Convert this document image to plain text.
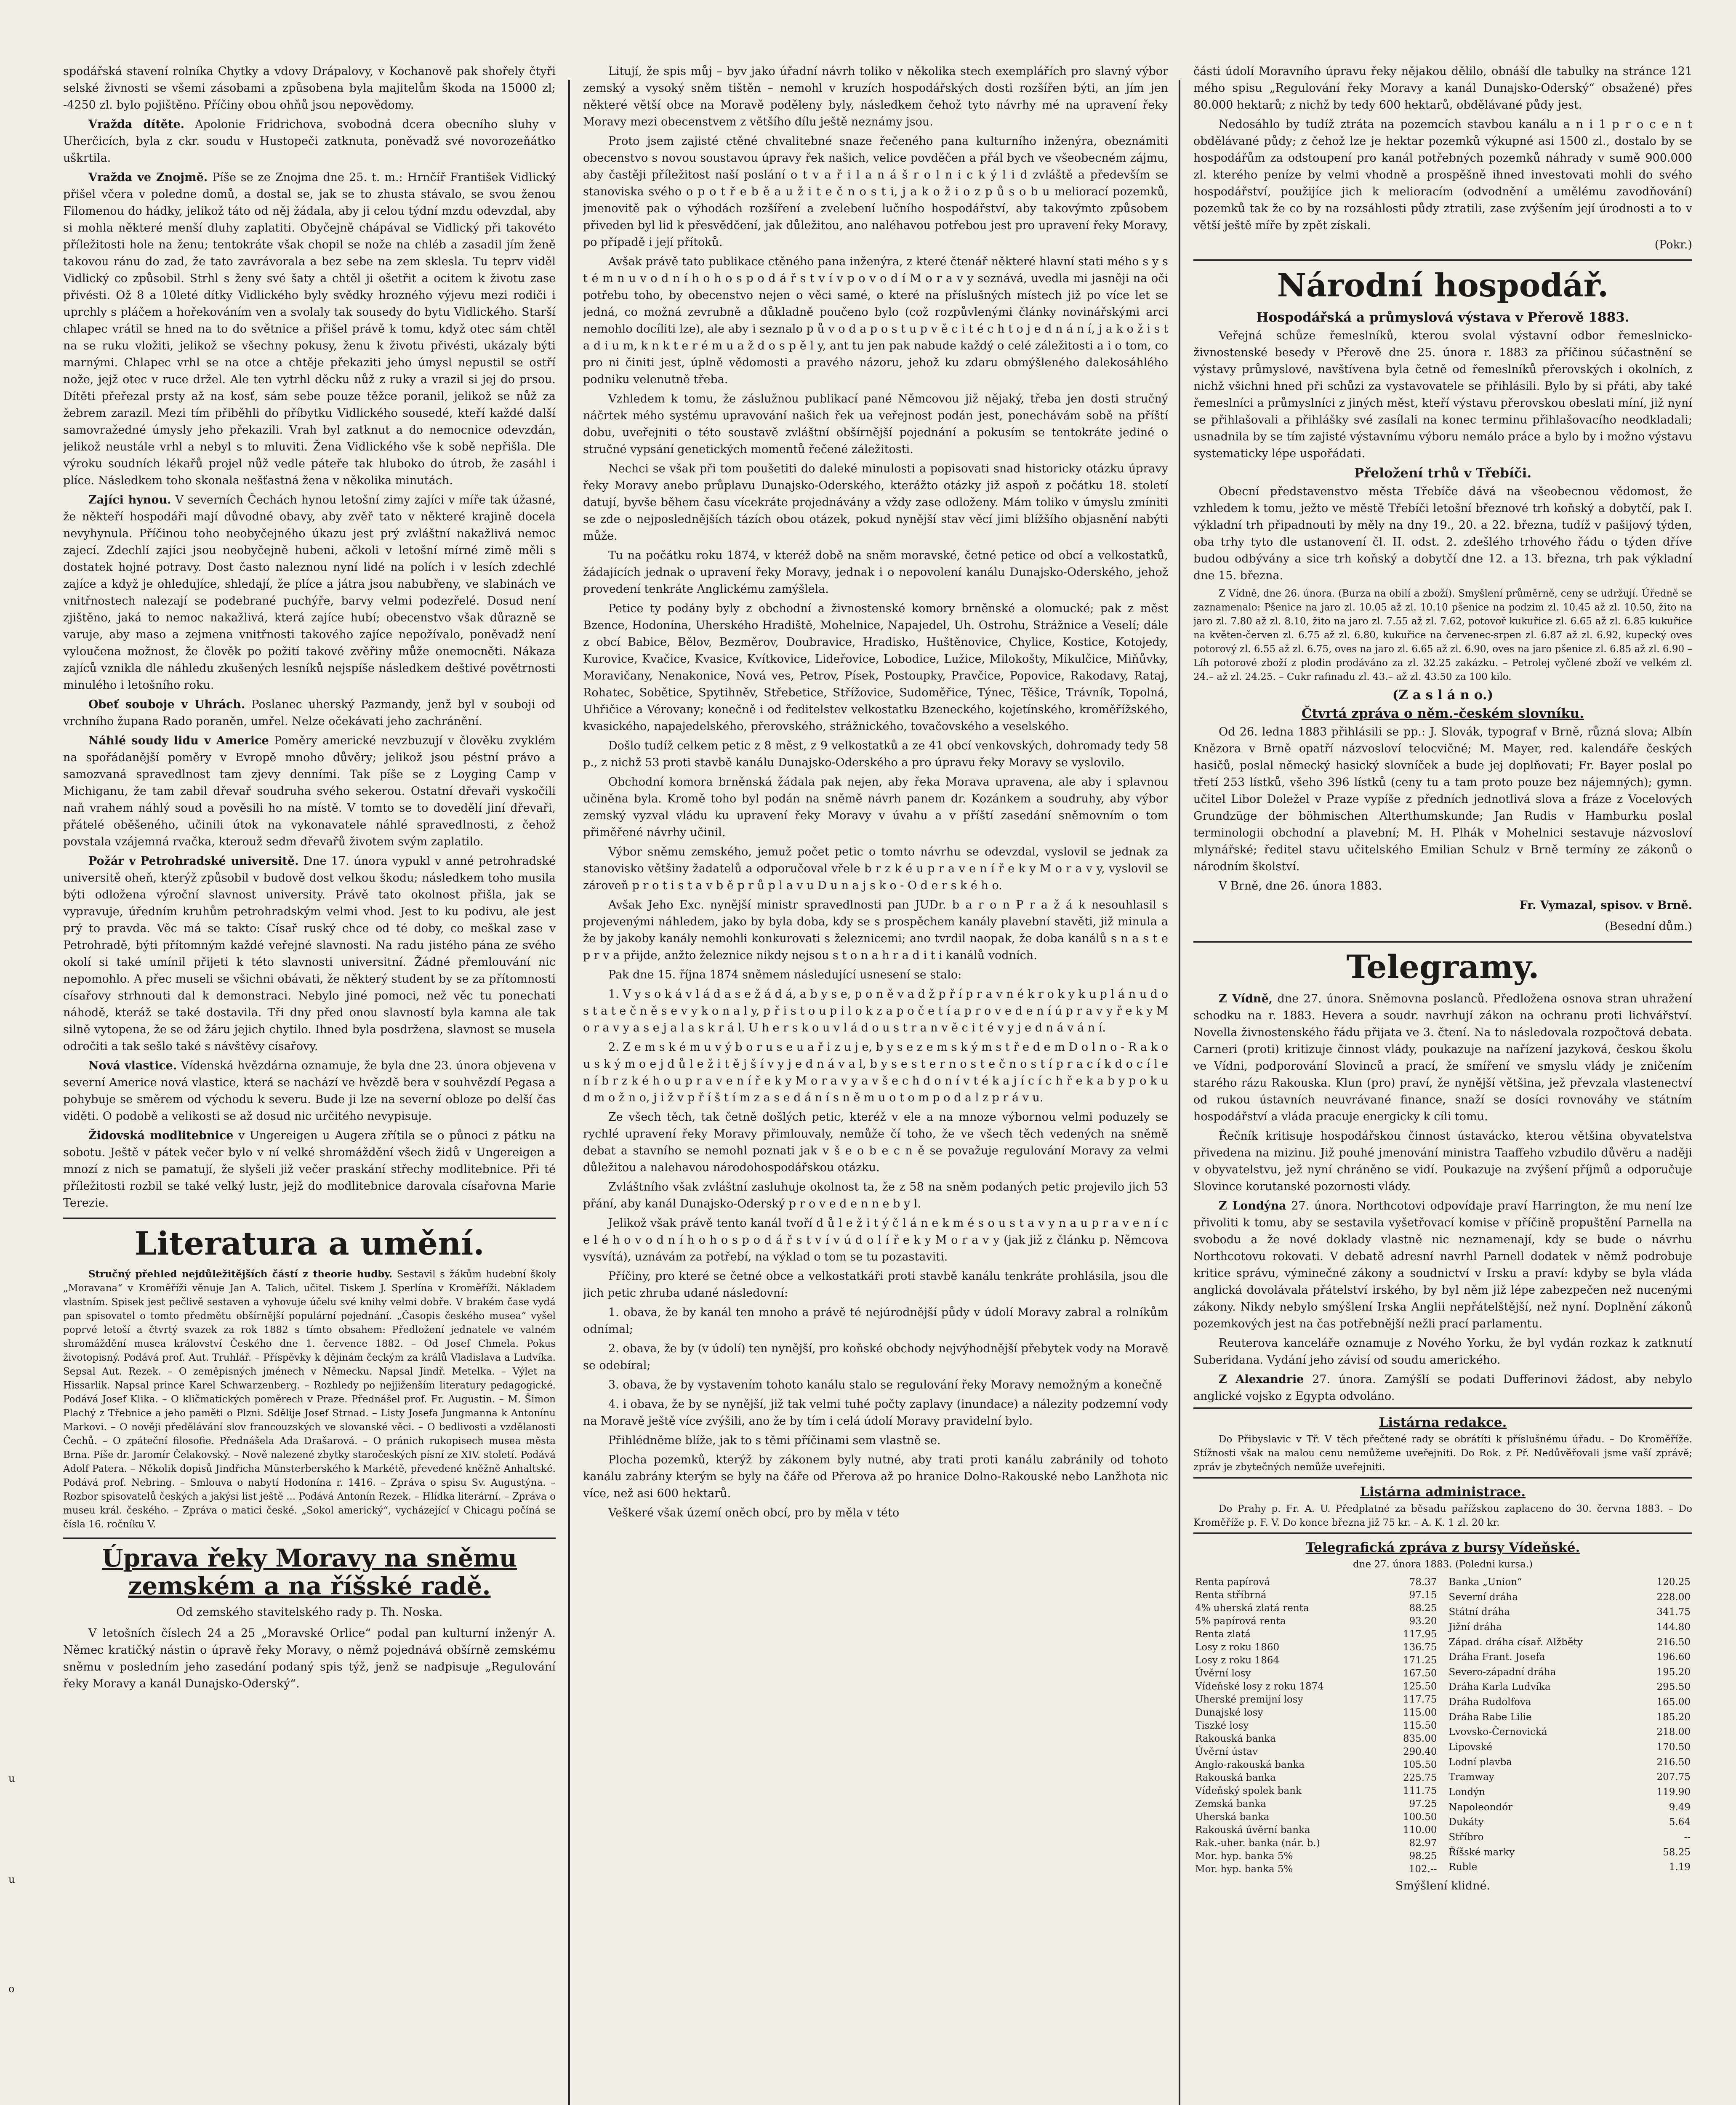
spodářská stavení rolníka Chytky a vdovy Drápalovy, v Kochanově pak shořely čtyři selské živnosti se všemi zásobami a způsobena byla majitelům škoda na 15000 zl; -4250 zl. bylo pojištěno. Příčiny obou ohňů jsou nepovědomy.

Vražda dítěte. Apolonie Fridrichova, svobodná dcera obecního sluhy v Uherčicích, byla z ckr. soudu v Hustopeči zatknuta, poněvadž své novorozeňátko uškrtila.

Vražda ve Znojmě. Píše se ze Znojma dne 25. t. m.: Hrnčíř František Vidlický přišel včera v poledne domů, a dostal se, jak se to zhusta stávalo, se svou ženou Filomenou do hádky, jelikož táto od něj žádala, aby ji celou týdní mzdu odevzdal, aby si mohla některé menší dluhy zaplatiti. Obyčejně chápával se Vidlický při takovéto příležitosti hole na ženu; tentokráte však chopil se nože na chléb a zasadil jím ženě takovou ránu do zad, že tato zavrávorala a bez sebe na zem sklesla. Tu teprv viděl Vidlický co způsobil. Strhl s ženy své šaty a chtěl ji ošetřit a ocitem k životu zase přivésti. Ož 8 a 10leté dítky Vidlického byly svědky hrozného výjevu mezi rodiči i uprchly s pláčem a hořekováním ven a svolaly tak sousedy do bytu Vidlického. Starší chlapec vrátil se hned na to do světnice a přišel právě k tomu, když otec sám chtěl na se ruku vložiti, jelikož se všechny pokusy, ženu k životu přivésti, ukázaly býti marnými. Chlapec vrhl se na otce a chtěje překaziti jeho úmysl nepustil se ostří nože, jejž otec v ruce držel. Ale ten vytrhl děcku nůž z ruky a vrazil si jej do prsou. Dítěti přeřezal prsty až na kosť, sám sebe pouze těžce poranil, jelikož se nůž za žebrem zarazil. Mezi tím přiběhli do příbytku Vidlického sousedé, kteří každé další samovražedné úmysly jeho překazili. Vrah byl zatknut a do nemocnice odevzdán, jelikož neustále vrhl a nebyl s to mluviti. Žena Vidlického vše k sobě nepřišla. Dle výroku soudních lékařů projel nůž vedle páteře tak hluboko do útrob, že zasáhl i plíce. Následkem toho skonala nešťastná žena v několika minutách.

Zajíci hynou. V severních Čechách hynou letošní zimy zajíci v míře tak úžasné, že někteří hospodáři mají důvodné obavy, aby zvěř tato v některé krajině docela nevyhynula. Příčinou toho neobyčejného úkazu jest prý zvláštní nakažlivá nemoc zajecí. Zdechlí zajíci jsou neobyčejně hubeni, ačkoli v letošní mírné zimě měli s dostatek hojné potravy. Dost často naleznou nyní lidé na polích i v lesích zdechlé zajíce a když je ohledujíce, shledají, že plíce a játra jsou nabubřeny, ve slabinách ve vnitřnostech nalezají se podebrané puchýře, barvy velmi podezřelé. Dosud není zjištěno, jaká to nemoc nakažlivá, která zajíce hubí; obecenstvo však důrazně se varuje, aby maso a zejmena vnitřnosti takového zajíce nepožívalo, poněvadž není vyloučena možnost, že člověk po požití takové zvěřiny může onemocněti. Nákaza zajíců vznikla dle náhledu zkušených lesníků nejspíše následkem deštivé povětrnosti minulého i letošního roku.

Obeť souboje v Uhrách. Poslanec uherský Pazmandy, jenž byl v souboji od vrchního župana Rado poraněn, umřel. Nelze očekávati jeho zachránění.

Náhlé soudy lidu v Americe Poměry americké nevzbuzují v člověku zvyklém na spořádanější poměry v Evropě mnoho důvěry; jelikož jsou péstní právo a samozvaná spravedlnost tam zjevy denními. Tak píše se z Loyging Camp v Michiganu, že tam zabil dřevař soudruha svého sekerou. Ostatní dřevaři vyskočili naň vrahem náhlý soud a pověsili ho na místě. V tomto se to dovedělí jiní dřevaři, přátelé oběšeného, učinili útok na vykonavatele náhlé spravedlnosti, z čehož povstala vzájemná rvačka, kterouž sedm dřevařů životem svým zaplatilo.

Požár v Petrohradské universitě. Dne 17. února vypukl v anné petrohradské universitě oheň, kterýž způsobil v budově dost velkou škodu; následkem toho musila býti odložena výroční slavnost university. Právě tato okolnost přišla, jak se vypravuje, úředním kruhům petrohradským velmi vhod. Jest to ku podivu, ale jest prý to pravda. Věc má se takto: Císař ruský chce od té doby, co meškal zase v Petrohradě, býti přítomným každé veřejné slavnosti. Na radu jistého pána ze svého okolí si také umínil přijeti k této slavnosti universitní. Žádné přemlouvání nic nepomohlo. A přec museli se všichni obávati, že některý student by se za přítomnosti císařovy strhnouti dal k demonstraci. Nebylo jiné pomoci, než věc tu ponechati náhodě, kteráž se také dostavila. Tři dny před onou slavností byla kamna ale tak silně vytopena, že se od žáru jejich chytilo. Ihned byla posdržena, slavnost se musela odročiti a tak sešlo také s návštěvy císařovy.

Nová vlastice. Vídenská hvězdárna oznamuje, že byla dne 23. února objevena v severní Americe nová vlastice, která se nachází ve hvězdě bera v souhvězdí Pegasa a pohybuje se směrem od východu k severu. Bude ji lze na severní obloze po delší čas viděti. O podobě a velikosti se až dosud nic určitého nevypisuje.

Židovská modlitebnice v Ungereigen u Augera zřítila se o půnoci z pátku na sobotu. Ještě v pátek večer bylo v ní velké shromáždění všech židů v Ungereigen a mnozí z nich se pamatují, že slyšeli již večer praskání střechy modlitebnice. Při té příležitosti rozbil se také velký lustr, jejž do modlitebnice darovala císařovna Marie Terezie.

Literatura a umění.

Stručný přehled nejdůležitějších částí z theorie hudby. Sestavil s žákům hudební školy „Moravana“ v Kroměříži věnuje Jan A. Talich, učitel. Tiskem J. Sperlína v Kroměříži. Nákladem vlastním. Spisek jest pečlivě sestaven a vyhovuje účelu své knihy velmi dobře. V brakém čase vydá pan spisovatel o tomto předmětu obšírnější populární pojednání. „Časopis českého musea“ vyšel poprvé letoší a čtvrtý svazek za rok 1882 s tímto obsahem: Předložení jednatele ve valném shromáždění musea království Českého dne 1. července 1882. – Od Josef Chmela. Pokus životopisný. Podává prof. Aut. Truhlář. – Příspěvky k dějinám čeckým za králů Vladislava a Ludvíka. Sepsal Aut. Rezek. – O zeměpisných jménech v Německu. Napsal Jindř. Metelka. – Výlet na Hissarlik. Napsal prince Karel Schwarzenberg. – Rozhledy po nejjiženším literatury pedagogické. Podává Josef Klika. – O kličmatických poměrech v Praze. Přednášel prof. Fr. Augustin. – M. Šimon Plachý z Třebnice a jeho paměti o Plzni. Sdělije Josef Strnad. – Listy Josefa Jungmanna k Antonínu Markovi. – O nověji předělávání slov francouzských ve slovanské věci. – O bedlivosti a vzdělanosti Čechů. – O zpáteční filosofie. Přednášela Ada Drašarová. – O pránich rukopisech musea města Brna. Píše dr. Jaromír Čelakovský. – Nově nalezené zbytky staročeských písní ze XIV. století. Podává Adolf Patera. – Několik dopisů Jindřicha Münsterberského k Markétě, převedené kněžně Anhaltské. Podává prof. Nebring. – Smlouva o nabytí Hodonína r. 1416. – Zpráva o spisu Sv. Augustýna. – Rozbor spisovatelů českých a jakýsi list ještě ... Podává Antonín Rezek. – Hlídka literární. – Zpráva o museu král. českého. – Zpráva o matici české. „Sokol americký“, vycházející v Chicagu počíná se čísla 16. ročníku V.

Úprava řeky Moravy na sněmu zemském a na říšské radě.
Od zemského stavitelského rady p. Th. Noska.

V letošních číslech 24 a 25 „Moravské Orlice“ podal pan kulturní inženýr A. Němec kratičký nástin o úpravě řeky Moravy, o němž pojednává obšírně zemskému sněmu v posledním jeho zasedání podaný spis týž, jenž se nadpisuje „Regulování řeky Moravy a kanál Dunajsko-Oderský“.

Litují, že spis můj – byv jako úřadní návrh toliko v několika stech exemplářích pro slavný výbor zemský a vysoký sněm tištěn – nemohl v kruzích hospodářských dosti rozšířen býti, an jím jen některé větší obce na Moravě poděleny byly, následkem čehož tyto návrhy mé na upravení řeky Moravy mezi obecenstvem z většího dílu ještě neznámy jsou.

Proto jsem zajisté ctěné chvalitebné snaze řečeného pana kulturního inženýra, obeznámiti obecenstvo s novou soustavou úpravy řek našich, velice povděčen a přál bych ve všeobecném zájmu, aby častěji příležitost naší poslání o t v a ř i l a n á š r o l n i c k ý l i d zvláště a především se stanoviska svého o p o t ř e b ě a u ž i t e č n o s t i, j a k o ž i o z p ů s o b u meliorací pozemků, jmenovitě pak o výhodách rozšíření a zvelebení lučního hospodářství, aby takovýmto způsobem přiveden byl lid k přesvědčení, jak důležitou, ano naléhavou potřebou jest pro upravení řeky Moravy, po případě i její přítoků.

Avšak právě tato publikace ctěného pana inženýra, z které čtenář některé hlavní stati mého s y s t é m n u v o d n í h o h o s p o d á ř s t v í v p o v o d í M o r a v y seznává, uvedla mi jasněji na oči potřebu toho, by obecenstvo nejen o věci samé, o které na příslušných místech již po více let se jedná, co možná zevrubně a důkladně poučeno bylo (což rozpůvlenými články novinářskými arci nemohlo docíliti lze), ale aby i seznalo p ů v o d a p o s t u p v ě c i t é c h t o j e d n á n í, j a k o ž i s t a d i u m, k n k t e r é m u a ž d o s p ě l y, ant tu jen pak nabude každý o celé záležitosti a i o tom, co pro ni činiti jest, úplně vědomosti a pravého názoru, jehož ku zdaru obmýšleného dalekosáhlého podniku velenutně třeba.

Vzhledem k tomu, že záslužnou publikací pané Němcovou již nějaký, třeba jen dosti stručný náčrtek mého systému upravování našich řek ua veřejnost podán jest, ponechávám sobě na příští dobu, uveřejniti o této soustavě zvláštní obšírnější pojednání a pokusím se tentokráte jediné o stručné vypsání genetických momentů řečené záležitosti.

Nechci se však při tom poušetiti do daleké minulosti a popisovati snad historicky otázku úpravy řeky Moravy anebo průplavu Dunajsko-Oderského, kterážto otázky již aspoň z počátku 18. století datují, byvše během času vícekráte projednávány a vždy zase odloženy. Mám toliko v úmyslu zmíniti se zde o nejposlednějších tázích obou otázek, pokud nynější stav věcí jimi blížšího objasnění nabýti může.

Tu na počátku roku 1874, v kteréž době na sněm moravské, četné petice od obcí a velkostatků, žádajících jednak o upravení řeky Moravy, jednak i o nepovolení kanálu Dunajsko-Oderského, jehož provedení tenkráte Anglickému zamýšlela.

Petice ty podány byly z obchodní a živnostenské komory brněnské a olomucké; pak z měst Bzence, Hodonína, Uherského Hradiště, Mohelnice, Napajedel, Uh. Ostrohu, Strážnice a Veselí; dále z obcí Babice, Bělov, Bezměrov, Doubravice, Hradisko, Huštěnovice, Chylice, Kostice, Kotojedy, Kurovice, Kvačice, Kvasice, Kvítkovice, Lideřovice, Lobodice, Lužice, Milokošty, Mikulčice, Miňůvky, Moravičany, Nenakonice, Nová ves, Petrov, Písek, Postoupky, Pravčice, Popovice, Rakodavy, Rataj, Rohatec, Sobětice, Spytihněv, Střebetice, Střížovice, Sudoměřice, Týnec, Těšice, Trávník, Topolná, Uhřičice a Vérovany; konečně i od ředitelstev velkostatku Bzeneckého, kojetínského, kroměřížského, kvasického, napajedelského, přerovského, strážnického, tovačovského a veselského.

Došlo tudíž celkem petic z 8 měst, z 9 velkostatků a ze 41 obcí venkovských, dohromady tedy 58 p., z nichž 53 proti stavbě kanálu Dunajsko-Oderského a pro úpravu řeky Moravy se vyslovilo.

Obchodní komora brněnská žádala pak nejen, aby řeka Morava upravena, ale aby i splavnou učiněna byla. Kromě toho byl podán na sněmě návrh panem dr. Kozánkem a soudruhy, aby výbor zemský vyzval vládu ku upravení řeky Moravy v úvahu a v příští zasedání sněmovním o tom přiměřené návrhy učinil.

Výbor sněmu zemského, jemuž počet petic o tomto návrhu se odevzdal, vyslovil se jednak za stanovisko většiny žadatelů a odporučoval vřele b r z k é u p r a v e n í ř e k y M o r a v y, vyslovil se zároveň p r o t i s t a v b ě p r ů p l a v u D u n a j s k o - O d e r s k é h o.

Avšak Jeho Exc. nynější ministr spravedlnosti pan JUDr. b a r o n P r a ž á k nesouhlasil s projevenými náhledem, jako by byla doba, kdy se s prospěchem kanály plavební stavěti, již minula a že by jakoby kanály nemohli konkurovati s železnicemi; ano tvrdil naopak, že doba kanálů s n a s t e p r v a přijde, anžto železnice nikdy nejsou s t o n a h r a d i t i kanálů vodních.

Pak dne 15. října 1874 sněmem následující usnesení se stalo:

1. V y s o k á v l á d a s e ž á d á, a b y s e, p o n ě v a d ž p ř í p r a v n é k r o k y k u p l á n u d o s t a t e č n ě s e v y k o n a l y, p ř i s t o u p i l o k z a p o č e t í a p r o v e d e n í ú p r a v y ř e k y M o r a v y a s e j a l a s k r á l. U h e r s k o u v l á d o u s t r a n v ě c i t é v y j e d n á v á n í.

2. Z e m s k é m u v ý b o r u s e u a ř i z u j e, b y s e z e m s k ý m s t ř e d e m D o l n o - R a k o u s k ý m o e j d ů l e ž i t ě j š í v y j e d n á v a l, b y s e s t e r n o s t e č n o s t í p r a c í k d o c í l e n í b r z k é h o u p r a v e n í ř e k y M o r a v y a v š e c h d o n í v t é k a j í c í c h ř e k a b y p o k u d m o ž n o, j i ž v p ř í š t í m z a s e d á n í s n ě m u o t o m p o d a l z p r á v u.

Ze všech těch, tak četně došlých petic, kteréž v ele a na mnoze výbornou velmi poduzely se rychlé upravení řeky Moravy přimlouvaly, nemůže čí toho, že ve všech těch vedených na sněmě debat a stavního se nemohl poznati jak v š e o b e c n ě se považuje regulování Moravy za velmi důležitou a nalehavou národohospodářskou otázku.

Zvláštního však zvláštní zasluhuje okolnost ta, že z 58 na sněm podaných petic projevilo jich 53 přání, aby kanál Dunajsko-Oderský p r o v e d e n n e b y l.

Jelikož však právě tento kanál tvoří d ů l e ž i t ý č l á n e k m é s o u s t a v y n a u p r a v e n í c e l é h o v o d n í h o h o s p o d á ř s t v í v ú d o l í ř e k y M o r a v y (jak již z článku p. Němcova vysvítá), uznávám za potřebí, na výklad o tom se tu pozastaviti.

Příčiny, pro které se četné obce a velkostatkáři proti stavbě kanálu tenkráte prohlásila, jsou dle jich petic zhruba udané následovní:

1. obava, že by kanál ten mnoho a právě té nejúrodnější půdy v údolí Moravy zabral a rolníkům odnímal;

2. obava, že by (v údolí) ten nynější, pro koňské obchody nejvýhodnější přebytek vody na Moravě se odebíral;

3. obava, že by vystavením tohoto kanálu stalo se regulování řeky Moravy nemožným a konečně

4. i obava, že by se nynější, již tak velmi tuhé počty zaplavy (inundace) a nálezity podzemní vody na Moravě ještě více zvýšili, ano že by tím i celá údolí Moravy pravidelní bylo.

Přihlédněme blíže, jak to s těmi příčinami sem vlastně se.

Plocha pozemků, kterýž by zákonem byly nutné, aby trati proti kanálu zabránily od tohoto kanálu zabrány kterým se byly na čáře od Přerova až po hranice Dolno-Rakouské nebo Lanžhota nic více, než asi 600 hektarů.

Veškeré však území oněch obcí, pro by měla v této

části údolí Moravního úpravu řeky nějakou dělilo, obnáší dle tabulky na stránce 121 mého spisu „Regulování řeky Moravy a kanál Dunajsko-Oderský“ obsažené) přes 80.000 hektarů; z nichž by tedy 600 hektarů, obdělávané půdy jest.

Nedosáhlo by tudíž ztráta na pozemcích stavbou kanálu a n i 1 p r o c e n t obdělávané půdy; z čehož lze je hektar pozemků výkupné asi 1500 zl., dostalo by se hospodářům za odstoupení pro kanál potřebných pozemků náhrady v sumě 900.000 zl. kterého peníze by velmi vhodně a prospěšně ihned investovati mohli do svého hospodářství, použijíce jich k melioracím (odvodnění a umělému zavodňování) pozemků tak že co by na rozsáhlosti půdy ztratili, zase zvýšením její úrodnosti a to v větší ještě míře by zpět získali.

(Pokr.)
Národní hospodář.
Hospodářská a průmyslová výstava v Přerově 1883.

Veřejná schůze řemeslníků, kterou svolal výstavní odbor řemeslnicko-živnostenské besedy v Přerově dne 25. února r. 1883 za příčinou súčastnění se výstavy průmyslové, navštívena byla četně od řemeslníků přerovských i okolních, z nichž všichni hned při schůzi za vystavovatele se přihlásili. Bylo by si přáti, aby také řemeslníci a průmyslníci z jiných měst, kteří výstavu přerovskou obeslati míní, již nyní se přihlašovali a přihlášky své zasílali na konec terminu přihlašovacího neodkladali; usnadnila by se tím zajisté výstavnímu výboru nemálo práce a bylo by i možno výstavu systematicky lépe uspořádati.

Přeložení trhů v Třebíči.

Obecní představenstvo města Třebíče dává na všeobecnou vědomost, že vzhledem k tomu, ježto ve městě Třebíči letošní březnové trh koňský a dobytčí, pak I. výkladní trh připadnouti by měly na dny 19., 20. a 22. března, tudíž v pašijový týden, oba trhy tyto dle ustanovení čl. II. odst. 2. zdešlého trhového řádu o týden dříve budou odbývány a sice trh koňský a dobytčí dne 12. a 13. března, trh pak výkladní dne 15. března.

Z Vídně, dne 26. února. (Burza na obilí a zboží). Smyšlení průměrně, ceny se udržují. Úředně se zaznamenalo: Pšenice na jaro zl. 10.05 až zl. 10.10 pšenice na podzim zl. 10.45 až zl. 10.50, žito na jaro zl. 7.80 až zl. 8.10, žito na jaro zl. 7.55 až zl. 7.62, potovoř kukuřice zl. 6.65 až zl. 6.85 kukuřice na květen-červen zl. 6.75 až zl. 6.80, kukuřice na červenec-srpen zl. 6.87 až zl. 6.92, kupecký oves potorový zl. 6.55 až zl. 6.75, oves na jaro zl. 6.65 až zl. 6.90, oves na jaro pšenice zl. 6.85 až zl. 6.90 – Líh potorové zboží z plodin prodáváno za zl. 32.25 zakázku. – Petrolej vyčlené zboží ve velkém zl. 24.– až zl. 24.25. – Cukr rafinadu zl. 43.– až zl. 43.50 za 100 kilo.

(Z a s l á n o.)
Čtvrtá zpráva o něm.-českém slovníku.

Od 26. ledna 1883 přihlásili se pp.: J. Slovák, typograf v Brně, různá slova; Albín Knězora v Brně opatří názvosloví telocvičné; M. Mayer, red. kalendáře českých hasičů, poslal německý hasický slovníček a bude jej doplňovati; Fr. Bayer poslal po třetí 253 lístků, všeho 396 lístků (ceny tu a tam proto pouze bez nájemných); gymn. učitel Libor Doležel v Praze vypíše z předních jednotlivá slova a fráze z Vocelových Grundzüge der böhmischen Alterthumskunde; Jan Rudis v Hamburku poslal terminologii obchodní a plavební; M. H. Plhák v Mohelnici sestavuje názvosloví mlynářské; ředitel stavu učitelského Emilian Schulz v Brně termíny ze zákonů o národním školství.

V Brně, dne 26. února 1883.

Fr. Vymazal, spisov. v Brně.
(Besední dům.)
Telegramy.

Z Vídně, dne 27. února. Sněmovna poslanců. Předložena osnova stran uhražení schodku na r. 1883. Hevera a soudr. navrhují zákon na ochranu proti lichvářství. Novella živnostenského řádu přijata ve 3. čtení. Na to následovala rozpočtová debata. Carneri (proti) kritizuje činnost vlády, poukazuje na nařízení jazyková, českou školu ve Vídni, podporování Slovinců a prací, že smíření ve smyslu vlády je zničením starého rázu Rakouska. Klun (pro) praví, že nynější většina, jež převzala vlastenectví od rukou ústavních neuvrávané finance, snaží se dosíci rovnováhy ve státním hospodářství a vláda pracuje energicky k cíli tomu.

Řečník kritisuje hospodářskou činnost ústavácko, kterou většina obyvatelstva přivedena na mizinu. Již pouhé jmenování ministra Taaffeho vzbudilo důvěru a naději v obyvatelstvu, jež nyní chráněno se vidí. Poukazuje na zvýšení příjmů a odporučuje Slovince korutanské pozornosti vlády.

Z Londýna 27. února. Northcotovi odpovídaje praví Harrington, že mu není lze přivoliti k tomu, aby se sestavila vyšetřovací komise v příčině propuštění Parnella na svobodu a že nové doklady vlastně nic neznamenají, kdy se bude o návrhu Northcotovu rokovati. V debatě adresní navrhl Parnell dodatek v němž podrobuje kritice správu, výminečné zákony a soudnictví v Irsku a praví: kdyby se byla vláda anglická dovolávala přátelství irského, by byl něm již lépe zabezpečen než nucenými zákony. Nikdy nebylo smýšlení Irska Anglii nepřátelštější, než nyní. Doplnění zákonů pozemkových jest na čas potřebnější nežli prací parlamentu.

Reuterova kanceláře oznamuje z Nového Yorku, že byl vydán rozkaz k zatknutí Suberidana. Vydání jeho závisí od soudu amerického.

Z Alexandrie 27. února. Zamýšlí se podati Dufferinovi žádost, aby nebylo anglické vojsko z Egypta odvoláno.

Listárna redakce.

Do Přibyslavic v Tř. V těch přečtené rady se obrátíti k příslušnému úřadu. – Do Kroměříže. Stížnosti však na malou cenu nemůžeme uveřejniti. Do Rok. z Př. Nedůvěřovali jsme vaší zprávě; zpráv je zbytečných nemůže uveřejniti.

Listárna administrace.

Do Prahy p. Fr. A. U. Předplatné za běsadu pařížskou zaplaceno do 30. června 1883. – Do Kroměříže p. F. V. Do konce března již 75 kr. – A. K. 1 zl. 20 kr.

Telegrafická zpráva z bursy Vídeňské.
dne 27. února 1883. (Poledni kursa.)
Renta papírová	78.37
Renta stříbrná	97.15
4% uherská zlatá renta	88.25
5% papírová renta	93.20
Renta zlatá	117.95
Losy z roku 1860	136.75
Losy z roku 1864	171.25
Úvěrní losy	167.50
Vídeňské losy z roku 1874	125.50
Uherské premijní losy	117.75
Dunajské losy	115.00
Tiszké losy	115.50
Rakouská banka	835.00
Úvěrní ústav	290.40
Anglo-rakouská banka	105.50
Rakouská banka	225.75
Vídeňský spolek bank	111.75
Zemská banka	97.25
Uherská banka	100.50
Rakouská úvěrní banka	110.00
Rak.-uher. banka (nár. b.)	82.97
Mor. hyp. banka 5%	98.25
Mor. hyp. banka 5%	102.--
Banka „Union“	120.25
Severní dráha	228.00
Státní dráha	341.75
Jižní dráha	144.80
Západ. dráha císař. Alžběty	216.50
Dráha Frant. Josefa	196.60
Severo-západní dráha	195.20
Dráha Karla Ludvíka	295.50
Dráha Rudolfova	165.00
Dráha Rabe Lilie	185.20
Lvovsko-Černovická	218.00
Lipovské	170.50
Lodní plavba	216.50
Tramway	207.75
Londýn	119.90
Napoleondór	9.49
Dukáty	5.64
Stříbro	--
Říšské marky	58.25
Ruble	1.19
Smýšlení klidné.
u
u
o
